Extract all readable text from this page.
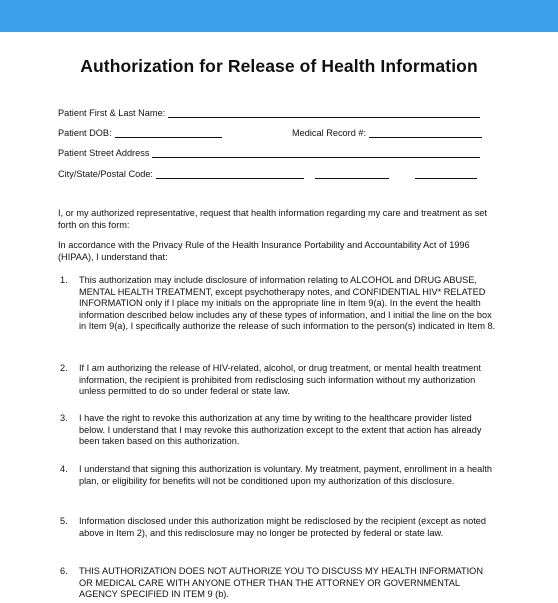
Authorization for Release of Health Information
Patient First & Last Name:
Patient DOB:	Medical Record #:
Patient Street Address
City/State/Postal Code:
I, or my authorized representative, request that health information regarding my care and treatment as set forth on this form:
In accordance with the Privacy Rule of the Health Insurance Portability and Accountability Act of 1996 (HIPAA), I understand that:
1.	This authorization may include disclosure of information relating to ALCOHOL and DRUG ABUSE, MENTAL HEALTH TREATMENT, except psychotherapy notes, and CONFIDENTIAL HIV* RELATED INFORMATION only if I place my initials on the appropriate line in Item 9(a). In the event the health information described below includes any of these types of information, and I initial the line on the box in Item 9(a), I specifically authorize the release of such information to the person(s) indicated in Item 8.
2.	If I am authorizing the release of HIV-related, alcohol, or drug treatment, or mental health treatment information, the recipient is prohibited from redisclosing such information without my authorization unless permitted to do so under federal or state law.
3.	I have the right to revoke this authorization at any time by writing to the healthcare provider listed below. I understand that I may revoke this authorization except to the extent that action has already been taken based on this authorization.
4.	I understand that signing this authorization is voluntary. My treatment, payment, enrollment in a health plan, or eligibility for benefits will not be conditioned upon my authorization of this disclosure.
5.	Information disclosed under this authorization might be redisclosed by the recipient (except as noted above in Item 2), and this redisclosure may no longer be protected by federal or state law.
6.	THIS AUTHORIZATION DOES NOT AUTHORIZE YOU TO DISCUSS MY HEALTH INFORMATION OR MEDICAL CARE WITH ANYONE OTHER THAN THE ATTORNEY OR GOVERNMENTAL AGENCY SPECIFIED IN ITEM 9 (b).
